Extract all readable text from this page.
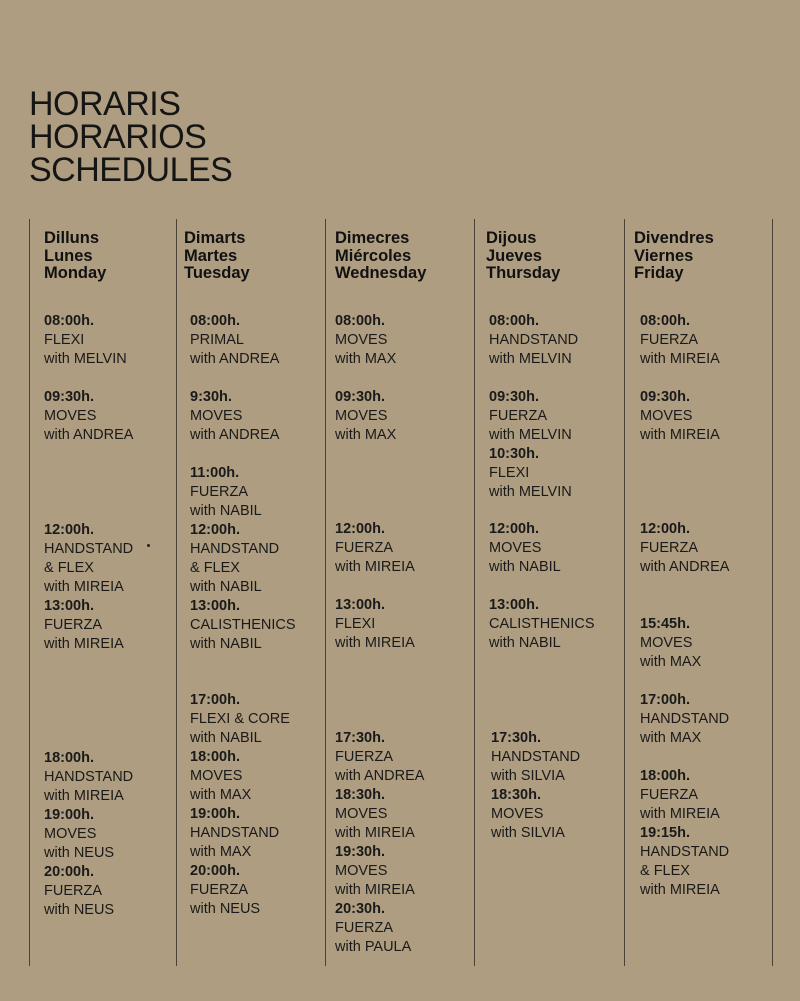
HORARIS
HORARIOS
SCHEDULES
Dilluns
Lunes
Monday
08:00h.
FLEXI
with MELVIN
09:30h.
MOVES
with ANDREA
12:00h.
HANDSTAND
& FLEX
with MIREIA
13:00h.
FUERZA
with MIREIA
18:00h.
HANDSTAND
with MIREIA
19:00h.
MOVES
with NEUS
20:00h.
FUERZA
with NEUS
Dimarts
Martes
Tuesday
08:00h.
PRIMAL
with ANDREA
9:30h.
MOVES
with ANDREA
11:00h.
FUERZA
with NABIL
12:00h.
HANDSTAND
& FLEX
with NABIL
13:00h.
CALISTHENICS
with NABIL
17:00h.
FLEXI & CORE
with NABIL
18:00h.
MOVES
with MAX
19:00h.
HANDSTAND
with MAX
20:00h.
FUERZA
with NEUS
Dimecres
Miércoles
Wednesday
08:00h.
MOVES
with MAX
09:30h.
MOVES
with MAX
12:00h.
FUERZA
with MIREIA
13:00h.
FLEXI
with MIREIA
17:30h.
FUERZA
with ANDREA
18:30h.
MOVES
with MIREIA
19:30h.
MOVES
with MIREIA
20:30h.
FUERZA
with PAULA
Dijous
Jueves
Thursday
08:00h.
HANDSTAND
with MELVIN
09:30h.
FUERZA
with MELVIN
10:30h.
FLEXI
with MELVIN
12:00h.
MOVES
with NABIL
13:00h.
CALISTHENICS
with NABIL
17:30h.
HANDSTAND
with SILVIA
18:30h.
MOVES
with SILVIA
Divendres
Viernes
Friday
08:00h.
FUERZA
with MIREIA
09:30h.
MOVES
with MIREIA
12:00h.
FUERZA
with ANDREA
15:45h.
MOVES
with MAX
17:00h.
HANDSTAND
with MAX
18:00h.
FUERZA
with MIREIA
19:15h.
HANDSTAND
& FLEX
with MIREIA
